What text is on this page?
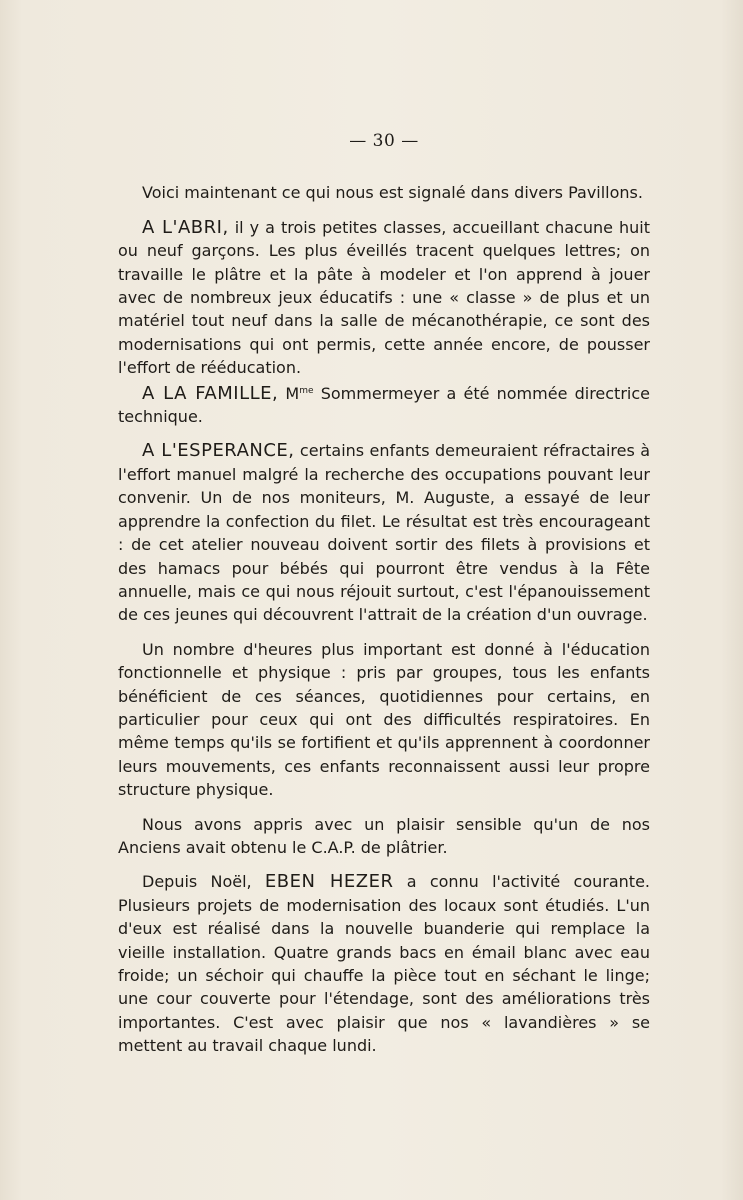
— 30 —

Voici maintenant ce qui nous est signalé dans divers Pavillons.

A L'ABRI, il y a trois petites classes, accueillant chacune huit ou neuf garçons. Les plus éveillés tracent quelques lettres; on travaille le plâtre et la pâte à modeler et l'on apprend à jouer avec de nombreux jeux éducatifs : une « classe » de plus et un matériel tout neuf dans la salle de mécanothérapie, ce sont des modernisations qui ont permis, cette année encore, de pousser l'effort de rééducation.

A LA FAMILLE, $M^{me}$ Sommermeyer a été nommée directrice technique.

A L'ESPERANCE, certains enfants demeuraient réfractaires à l'effort manuel malgré la recherche des occupations pouvant leur convenir. Un de nos moniteurs, M. Auguste, a essayé de leur apprendre la confection du filet. Le résultat est très encourageant : de cet atelier nouveau doivent sortir des filets à provisions et des hamacs pour bébés qui pourront être vendus à la Fête annuelle, mais ce qui nous réjouit surtout, c'est l'épanouissement de ces jeunes qui découvrent l'attrait de la création d'un ouvrage.

Un nombre d'heures plus important est donné à l'éducation fonctionnelle et physique : pris par groupes, tous les enfants bénéficient de ces séances, quotidiennes pour certains, en particulier pour ceux qui ont des difficultés respiratoires. En même temps qu'ils se fortifient et qu'ils apprennent à coordonner leurs mouvements, ces enfants reconnaissent aussi leur propre structure physique.

Nous avons appris avec un plaisir sensible qu'un de nos Anciens avait obtenu le C.A.P. de plâtrier.

Depuis Noël, EBEN HEZER a connu l'activité courante. Plusieurs projets de modernisation des locaux sont étudiés. L'un d'eux est réalisé dans la nouvelle buanderie qui remplace la vieille installation. Quatre grands bacs en émail blanc avec eau froide; un séchoir qui chauffe la pièce tout en séchant le linge; une cour couverte pour l'étendage, sont des améliorations très importantes. C'est avec plaisir que nos « lavandières » se mettent au travail chaque lundi.
